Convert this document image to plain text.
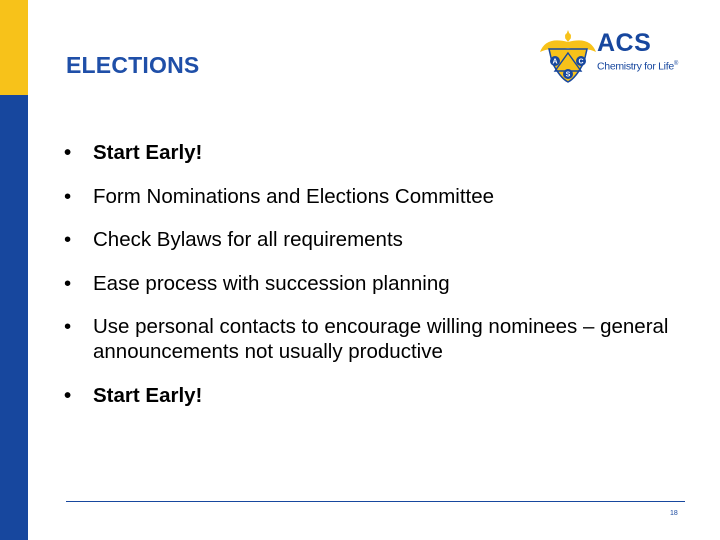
ELECTIONS	A	C
S
ACS
Chemistry for Life®
• Start Early!
• Form Nominations and Elections Committee
• Check Bylaws for all requirements
• Ease process with succession planning
• Use personal contacts to encourage willing nominees – general announcements not usually productive
• Start Early!
18
